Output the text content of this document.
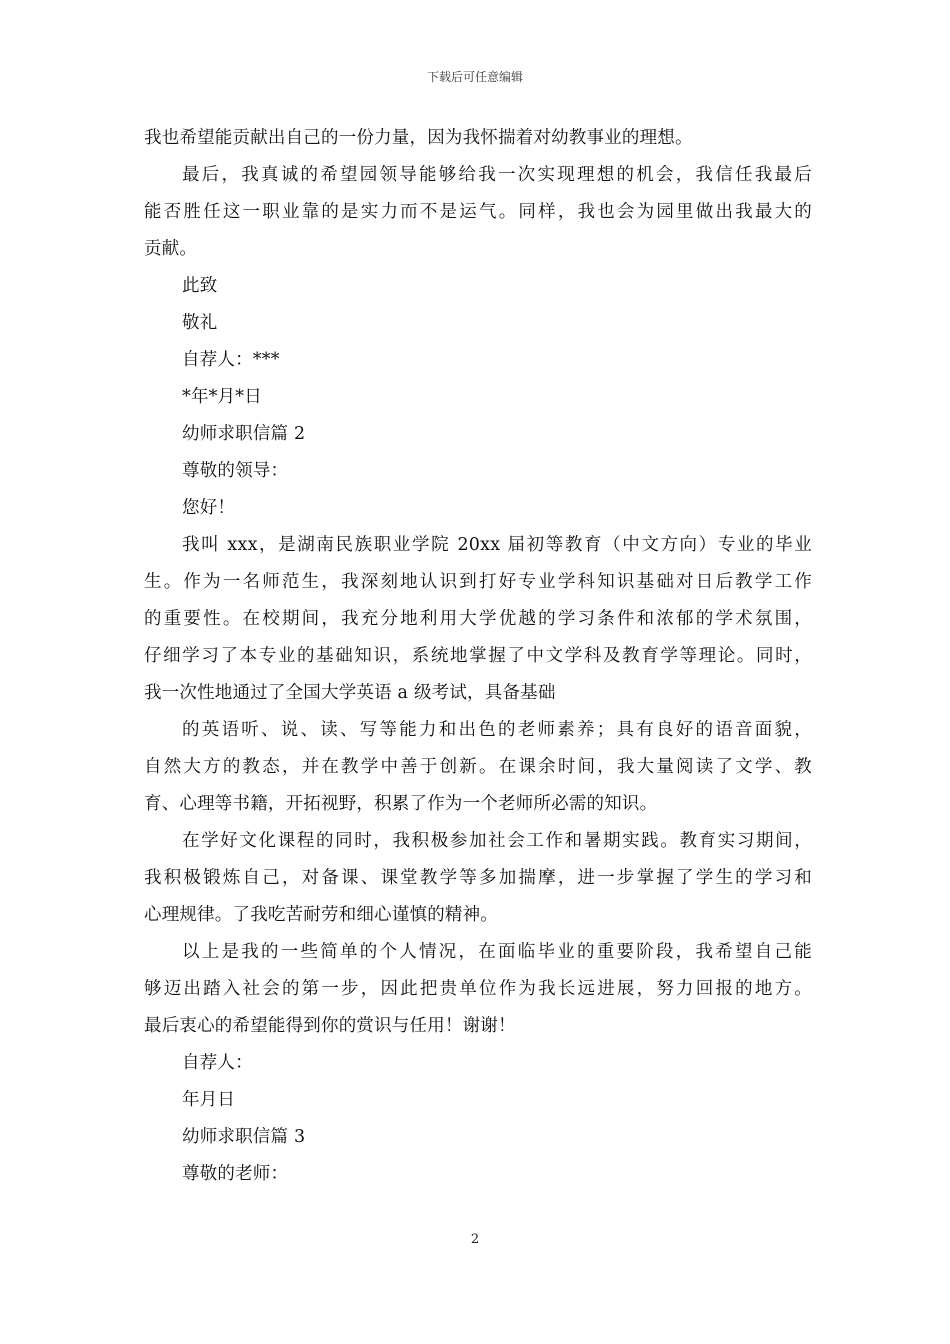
下载后可任意编辑
我也希望能贡献出自己的一份力量，因为我怀揣着对幼教事业的理想。
最后，我真诚的希望园领导能够给我一次实现理想的机会，我信任我最后
能否胜任这一职业靠的是实力而不是运气。同样，我也会为园里做出我最大的
贡献。
此致
敬礼
自荐人：***
*年*月*日
幼师求职信篇 2
尊敬的领导：
您好！
我叫 xxx，是湖南民族职业学院 20xx 届初等教育（中文方向）专业的毕业
生。作为一名师范生，我深刻地认识到打好专业学科知识基础对日后教学工作
的重要性。在校期间，我充分地利用大学优越的学习条件和浓郁的学术氛围，
仔细学习了本专业的基础知识，系统地掌握了中文学科及教育学等理论。同时，
我一次性地通过了全国大学英语 a 级考试，具备基础
的英语听、说、读、写等能力和出色的老师素养；具有良好的语音面貌，
自然大方的教态，并在教学中善于创新。在课余时间，我大量阅读了文学、教
育、心理等书籍，开拓视野，积累了作为一个老师所必需的知识。
在学好文化课程的同时，我积极参加社会工作和暑期实践。教育实习期间，
我积极锻炼自己，对备课、课堂教学等多加揣摩，进一步掌握了学生的学习和
心理规律。了我吃苦耐劳和细心谨慎的精神。
以上是我的一些简单的个人情况，在面临毕业的重要阶段，我希望自己能
够迈出踏入社会的第一步，因此把贵单位作为我长远进展，努力回报的地方。
最后衷心的希望能得到你的赏识与任用！谢谢！
自荐人：
年月日
幼师求职信篇 3
尊敬的老师：
2
